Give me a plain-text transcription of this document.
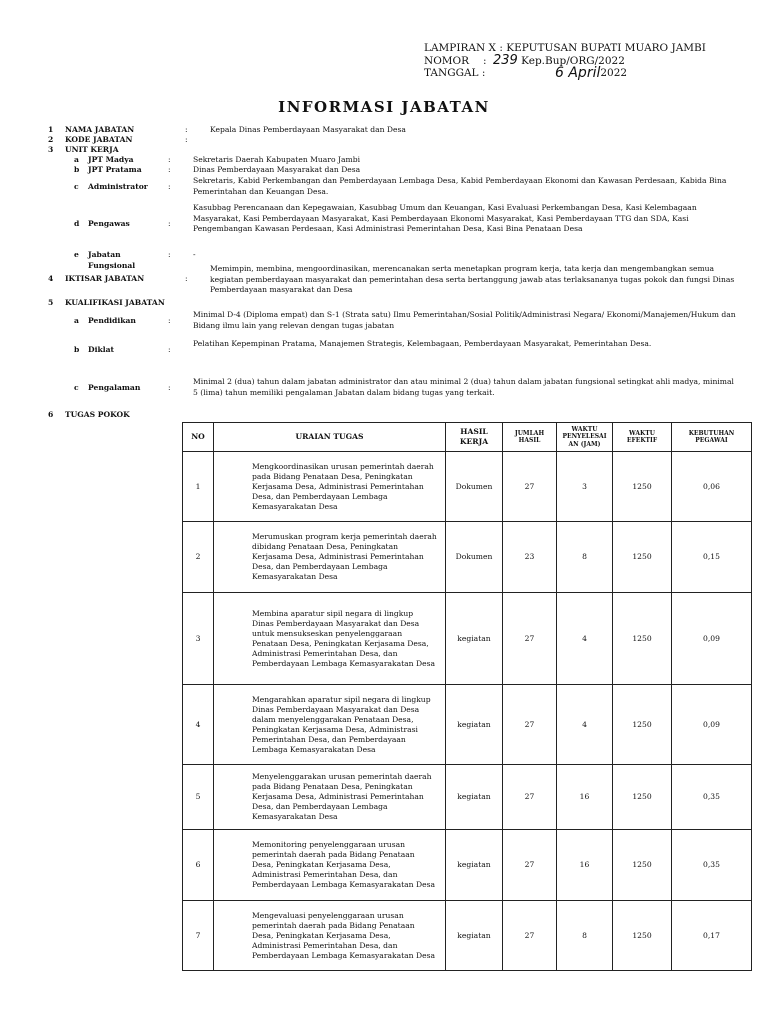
LAMPIRAN X :
KEPUTUSAN BUPATI MUARO JAMBI
NOMOR	: 239
Kep.Bup/ORG/2022
TANGGAL :	6 April 2022
INFORMASI JABATAN
1	NAMA JABATAN	:	Kepala Dinas Pemberdayaan Masyarakat dan Desa
2	KODE JABATAN	:
3	UNIT KERJA
a	JPT Madya	:	Sekretaris Daerah Kabupaten Muaro Jambi
b	JPT Pratama	:	Dinas Pemberdayaan Masyarakat dan Desa
c	Administrator	:
Sekretaris, Kabid Perkembangan dan Pemberdayaan Lembaga Desa, Kabid Pemberdayaan Ekonomi dan Kawasan Perdesaan, Kabida Bina Pemerintahan dan Keuangan Desa.
d	Pengawas	:
Kasubbag Perencanaan dan Kepegawaian, Kasubbag Umum dan Keuangan, Kasi Evaluasi Perkembangan Desa, Kasi Kelembagaan Masyarakat, Kasi Pemberdayaan Masyarakat, Kasi Pemberdayaan Ekonomi Masyarakat, Kasi Pemberdayaan TTG dan SDA, Kasi Pengembangan Kawasan Perdesaan, Kasi Administrasi Pemerintahan Desa, Kasi Bina Penataan Desa
e	Jabatan Fungsional
:	-
4	IKTISAR JABATAN	:
Memimpin, membina, mengoordinasikan, merencanakan serta menetapkan program kerja, tata kerja dan mengembangkan semua kegiatan pemberdayaan masyarakat dan pemerintahan desa serta bertanggung jawab atas terlaksananya tugas pokok dan fungsi Dinas Pemberdayaan masyarakat dan Desa
5	KUALIFIKASI JABATAN
a	Pendidikan	:
Minimal D-4 (Diploma empat) dan S-1 (Strata satu) Ilmu Pemerintahan/Sosial Politik/Administrasi Negara/ Ekonomi/Manajemen/Hukum dan Bidang ilmu lain yang relevan dengan tugas jabatan
b	Diklat	:
Pelatihan Kepempinan Pratama, Manajemen Strategis, Kelembagaan, Pemberdayaan Masyarakat, Pemerintahan Desa.
c	Pengalaman	:
Minimal 2 (dua) tahun dalam jabatan administrator dan atau minimal 2 (dua) tahun dalam jabatan fungsional setingkat ahli madya, minimal 5 (lima) tahun memiliki pengalaman Jabatan dalam bidang tugas yang terkait.
6 TUGAS POKOK
NO	URAIAN TUGAS	HASIL KERJA	JUMLAH HASIL	WAKTU PENYELESAI AN (JAM)	WAKTU EFEKTIF	KEBUTUHAN PEGAWAI
1	Mengkoordinasikan urusan pemerintah daerah pada Bidang Penataan Desa, Peningkatan Kerjasama Desa, Administrasi Pemerintahan Desa, dan Pemberdayaan Lembaga Kemasyarakatan Desa	Dokumen	27	3	1250	0,06
2	Merumuskan program kerja pemerintah daerah dibidang Penataan Desa, Peningkatan Kerjasama Desa, Administrasi Pemerintahan Desa, dan Pemberdayaan Lembaga Kemasyarakatan Desa	Dokumen	23	8	1250	0,15
3	Membina aparatur sipil negara di lingkup Dinas Pemberdayaan Masyarakat dan Desa untuk mensukseskan penyelenggaraan Penataan Desa, Peningkatan Kerjasama Desa, Administrasi Pemerintahan Desa, dan Pemberdayaan Lembaga Kemasyarakatan Desa	kegiatan	27	4	1250	0,09
4	Mengarahkan aparatur sipil negara di lingkup Dinas Pemberdayaan Masyarakat dan Desa dalam menyelenggarakan Penataan Desa, Peningkatan Kerjasama Desa, Administrasi Pemerintahan Desa, dan Pemberdayaan Lembaga Kemasyarakatan Desa	kegiatan	27	4	1250	0,09
5	Menyelenggarakan urusan pemerintah daerah pada Bidang Penataan Desa, Peningkatan Kerjasama Desa, Administrasi Pemerintahan Desa, dan Pemberdayaan Lembaga Kemasyarakatan Desa	kegiatan	27	16	1250	0,35
6	Memonitoring penyelenggaraan urusan pemerintah daerah pada Bidang Penataan Desa, Peningkatan Kerjasama Desa, Administrasi Pemerintahan Desa, dan Pemberdayaan Lembaga Kemasyarakatan Desa	kegiatan	27	16	1250	0,35
7	Mengevaluasi penyelenggaraan urusan pemerintah daerah pada Bidang Penataan Desa, Peningkatan Kerjasama Desa, Administrasi Pemerintahan Desa, dan Pemberdayaan Lembaga Kemasyarakatan Desa	kegiatan	27	8	1250	0,17
